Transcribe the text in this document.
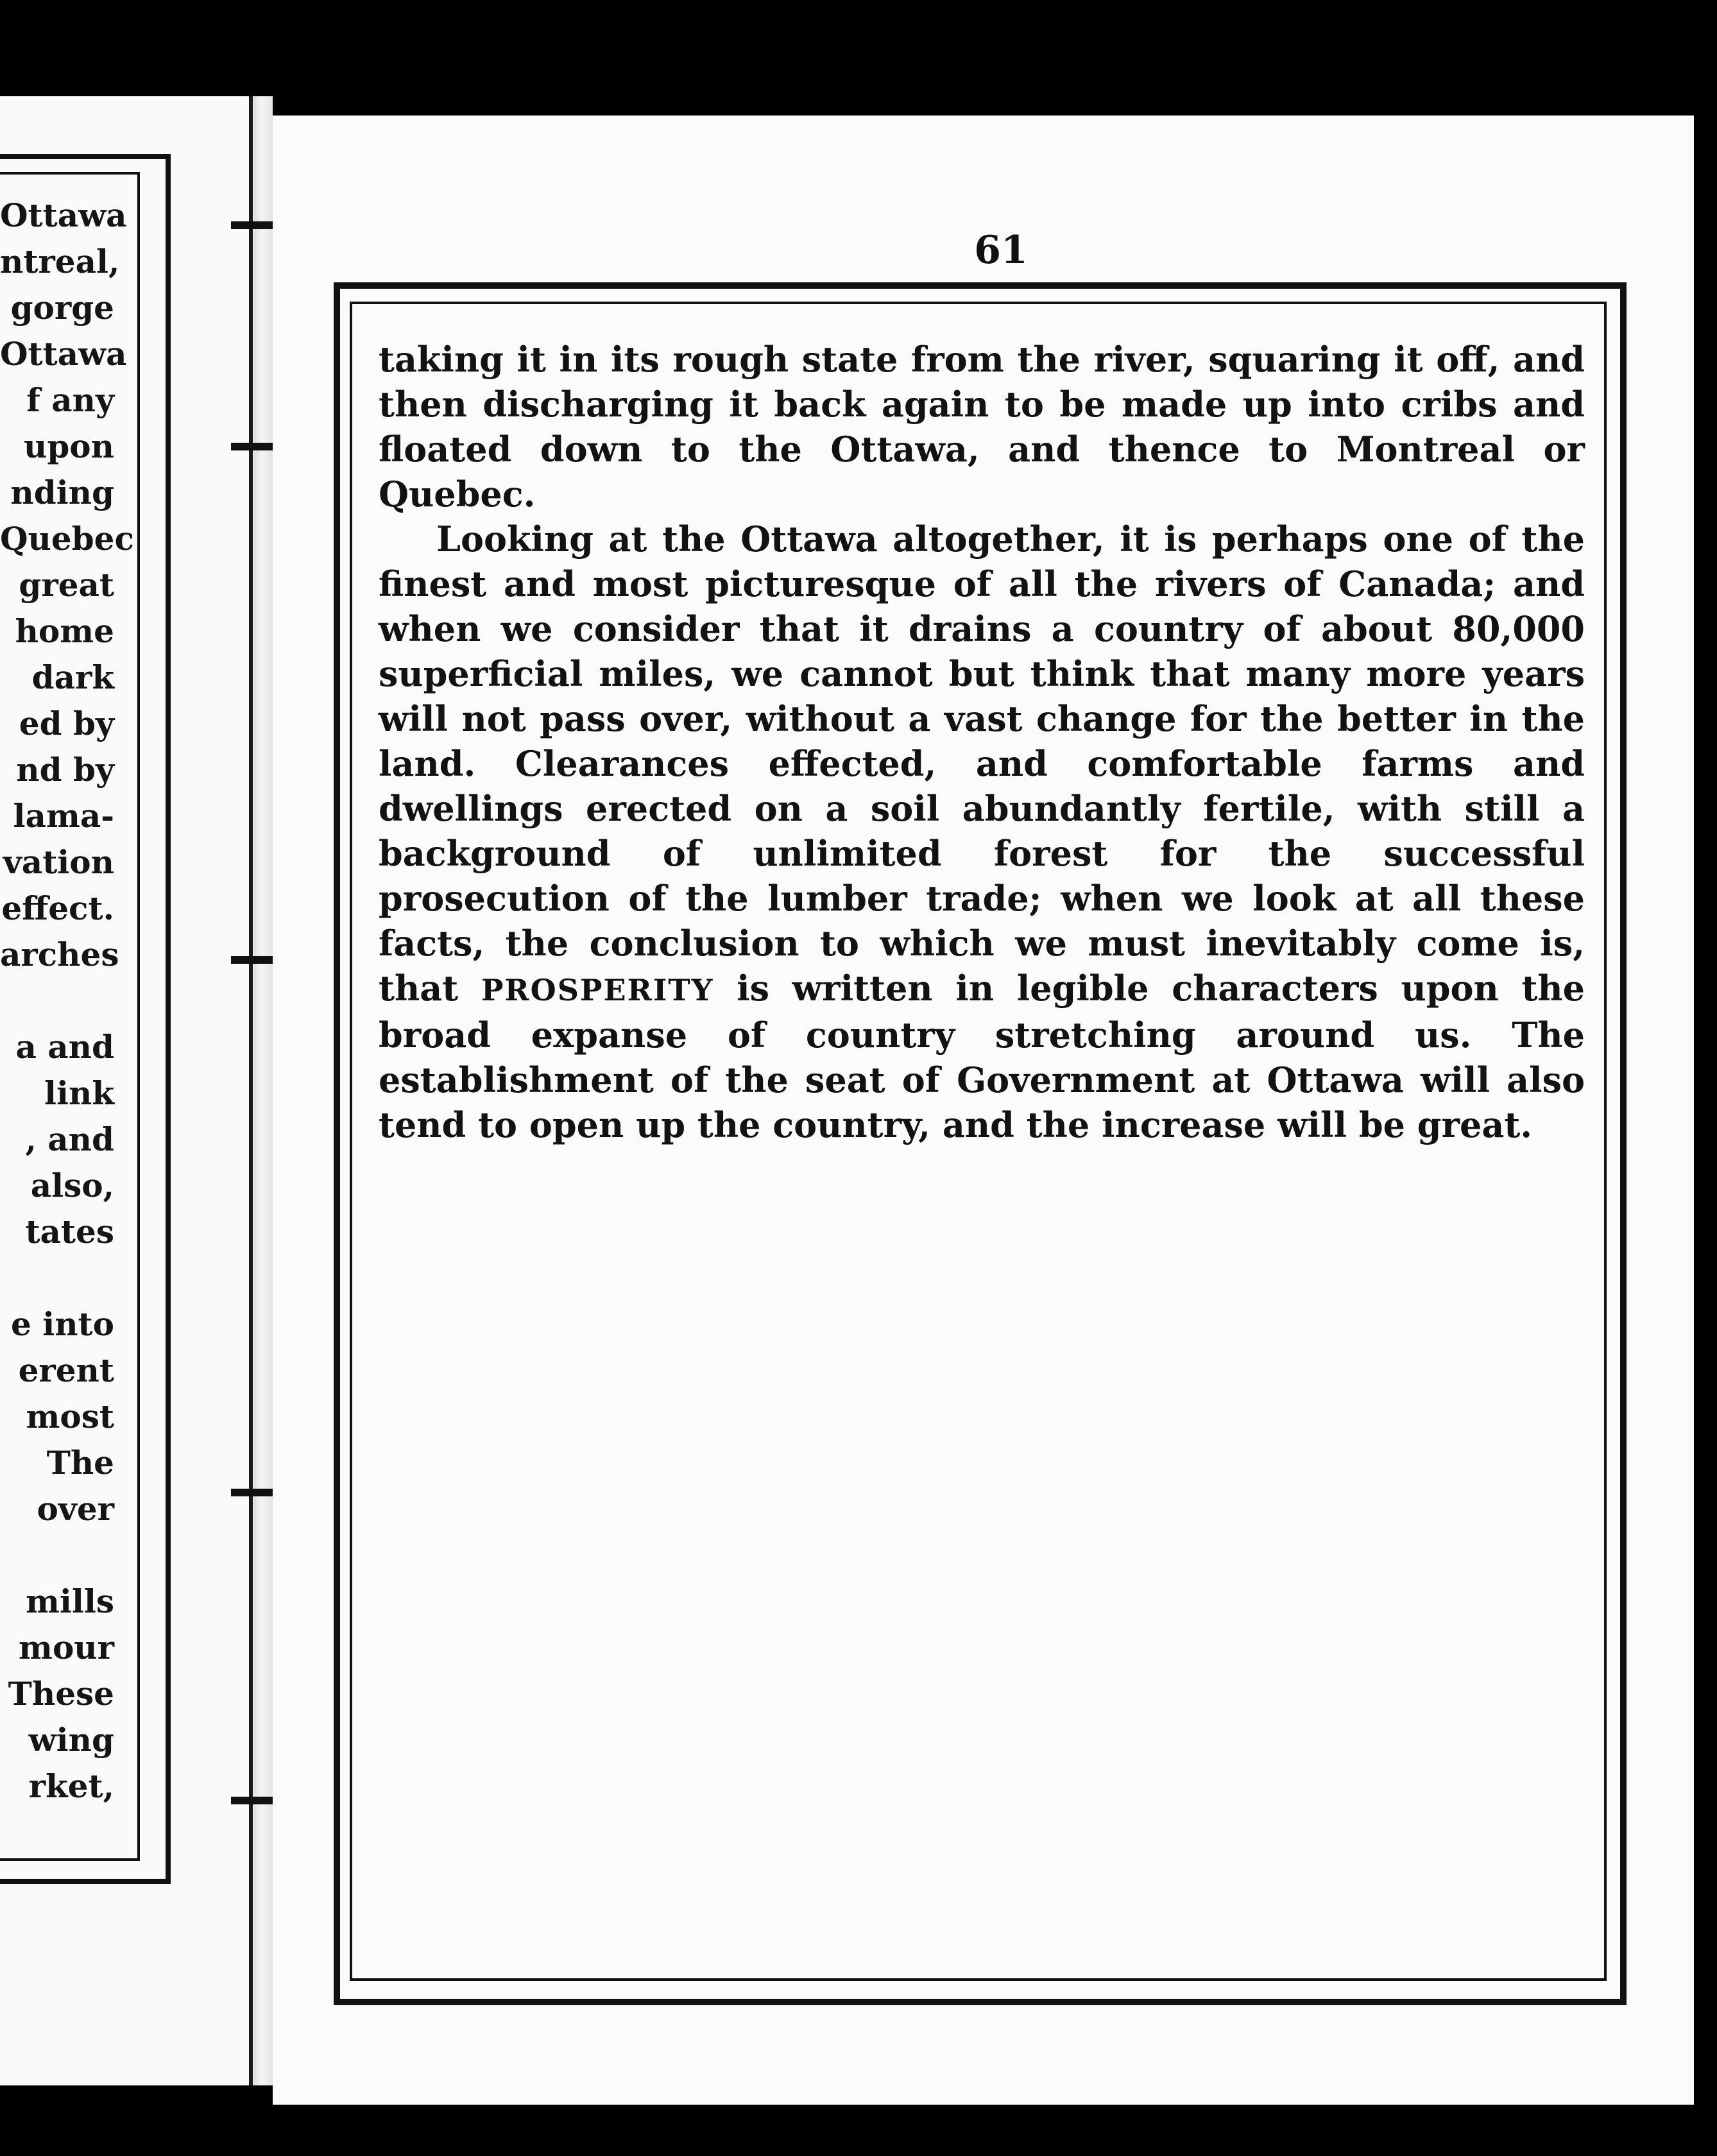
Ottawa
ntreal,
gorge
Ottawa
f any
upon
nding
Quebec
great
home
dark
ed by
nd by
lama-
vation
effect.
arches
a and
link
, and
also,
tates
e into
erent
most
The
over
mills
mour
These
wing
rket,
61

taking it in its rough state from the river, squaring it off, and then discharging it back again to be made up into cribs and floated down to the Ottawa, and thence to Montreal or Quebec.

Looking at the Ottawa altogether, it is perhaps one of the finest and most picturesque of all the rivers of Canada; and when we consider that it drains a country of about 80,000 superficial miles, we cannot but think that many more years will not pass over, without a vast change for the better in the land. Clearances effected, and comfortable farms and dwellings erected on a soil abundantly fertile, with still a background of unlimited forest for the successful prosecution of the lumber trade; when we look at all these facts, the conclusion to which we must inevitably come is, that PROSPERITY is written in legible characters upon the broad expanse of country stretching around us. The establishment of the seat of Government at Ottawa will also tend to open up the country, and the increase will be great.
